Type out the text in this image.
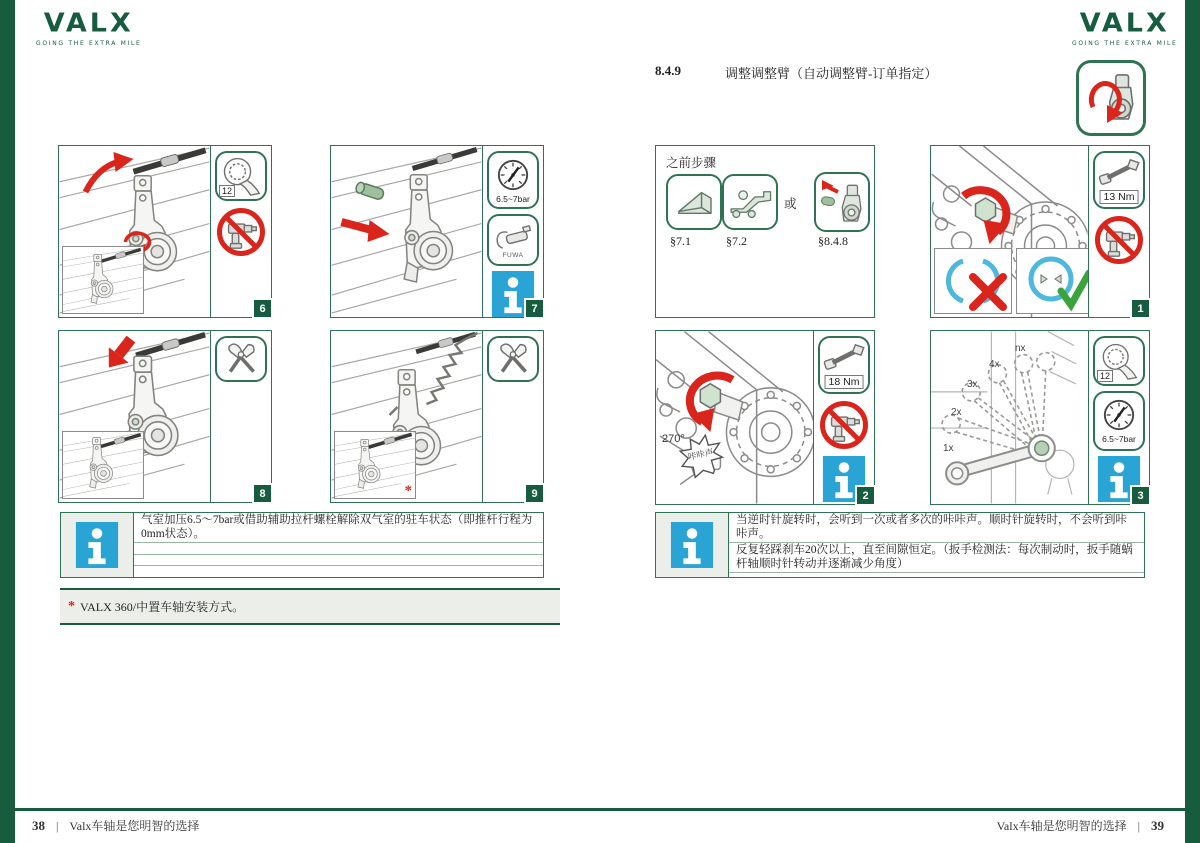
VALX
GOING THE EXTRA MILE
VALX
GOING THE EXTRA MILE
8.4.9	调整调整臂（自动调整臂-订单指定）
12
6
6.5~7bar
FUWA
7
8	*	9
气室加压6.5～7bar或借助辅助拉杆螺栓解除双气室的驻车状态（即推杆行程为0mm状态）。
* VALX 360/中置车轴安装方式。
之前步骤
或
§7.1	§7.2	§8.4.8
13 Nm
1
咔咔声
270°
18 Nm
2
1x
2x
3x
4x
nx
12
6.5~7bar
3
当逆时针旋转时，会听到一次或者多次的咔咔声。顺时针旋转时，不会听到咔咔声。
反复轻踩刹车20次以上，直至间隙恒定。（扳手检测法：每次制动时，扳手随蜗杆轴顺时针转动并逐渐减少角度）
38 | Valx车轴是您明智的选择	Valx车轴是您明智的选择 | 39
